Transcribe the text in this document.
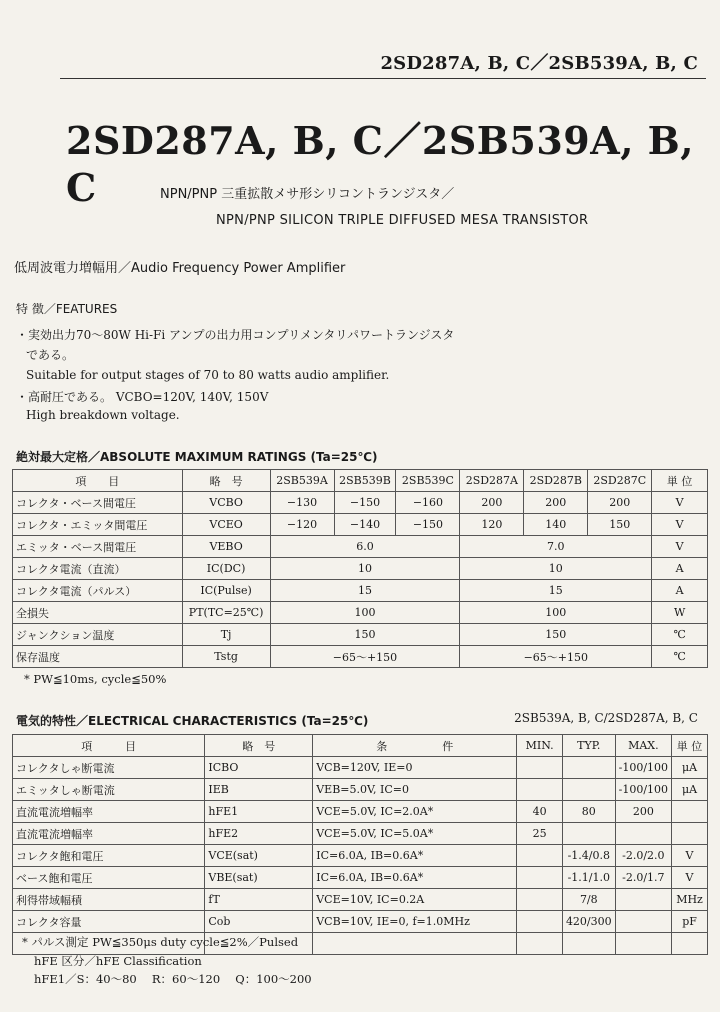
2SD287A, B, C／2SB539A, B, C
2SD287A, B, C／2SB539A, B, C	NPN/PNP 三重拡散メサ形シリコントランジスタ／
NPN/PNP SILICON TRIPLE DIFFUSED MESA TRANSISTOR
低周波電力増幅用／Audio Frequency Power Amplifier
特 徴／FEATURES
・実効出力70～80W Hi-Fi アンプの出力用コンプリメンタリパワートランジスタ
である。
Suitable for output stages of 70 to 80 watts audio amplifier.
・高耐圧である。 VCBO=120V, 140V, 150V
High breakdown voltage.
絶対最大定格／ABSOLUTE MAXIMUM RATINGS (Ta=25℃)
項　　目	略　号	2SB539A	2SB539B	2SB539C	2SD287A	2SD287B	2SD287C	単 位
コレクタ・ベース間電圧	VCBO	−130	−150	−160	200	200	200	V
コレクタ・エミッタ間電圧	VCEO	−120	−140	−150	120	140	150	V
エミッタ・ベース間電圧	VEBO	6.0			7.0			V
コレクタ電流（直流）	IC(DC)	10			10			A
コレクタ電流（パルス）	IC(Pulse)	15			15			A
全損失	PT(TC=25℃)	100			100			W
ジャンクション温度	Tj	150			150			℃
保存温度	Tstg	−65～+150			−65～+150			℃
* PW≦10ms, cycle≦50%
電気的特性／ELECTRICAL CHARACTERISTICS (Ta=25℃)	2SB539A, B, C/2SD287A, B, C
項　　　目	略　号	条　　　　　件	MIN.	TYP.	MAX.	単 位
コレクタしゃ断電流	ICBO	VCB=120V, IE=0			-100/100	μA
エミッタしゃ断電流	IEB	VEB=5.0V, IC=0			-100/100	μA
直流電流増幅率	hFE1	VCE=5.0V, IC=2.0A*	40	80	200	
直流電流増幅率	hFE2	VCE=5.0V, IC=5.0A*	25			
コレクタ飽和電圧	VCE(sat)	IC=6.0A, IB=0.6A*		-1.4/0.8	-2.0/2.0	V
ベース飽和電圧	VBE(sat)	IC=6.0A, IB=0.6A*		-1.1/1.0	-2.0/1.7	V
利得帯域幅積	fT	VCE=10V, IC=0.2A		7/8		MHz
コレクタ容量	Cob	VCB=10V, IE=0, f=1.0MHz		420/300		pF

* パルス測定 PW≦350μs duty cycle≦2%／Pulsed
hFE 区分／hFE Classification
hFE1／S：40～80　 R：60～120　 Q：100～200
